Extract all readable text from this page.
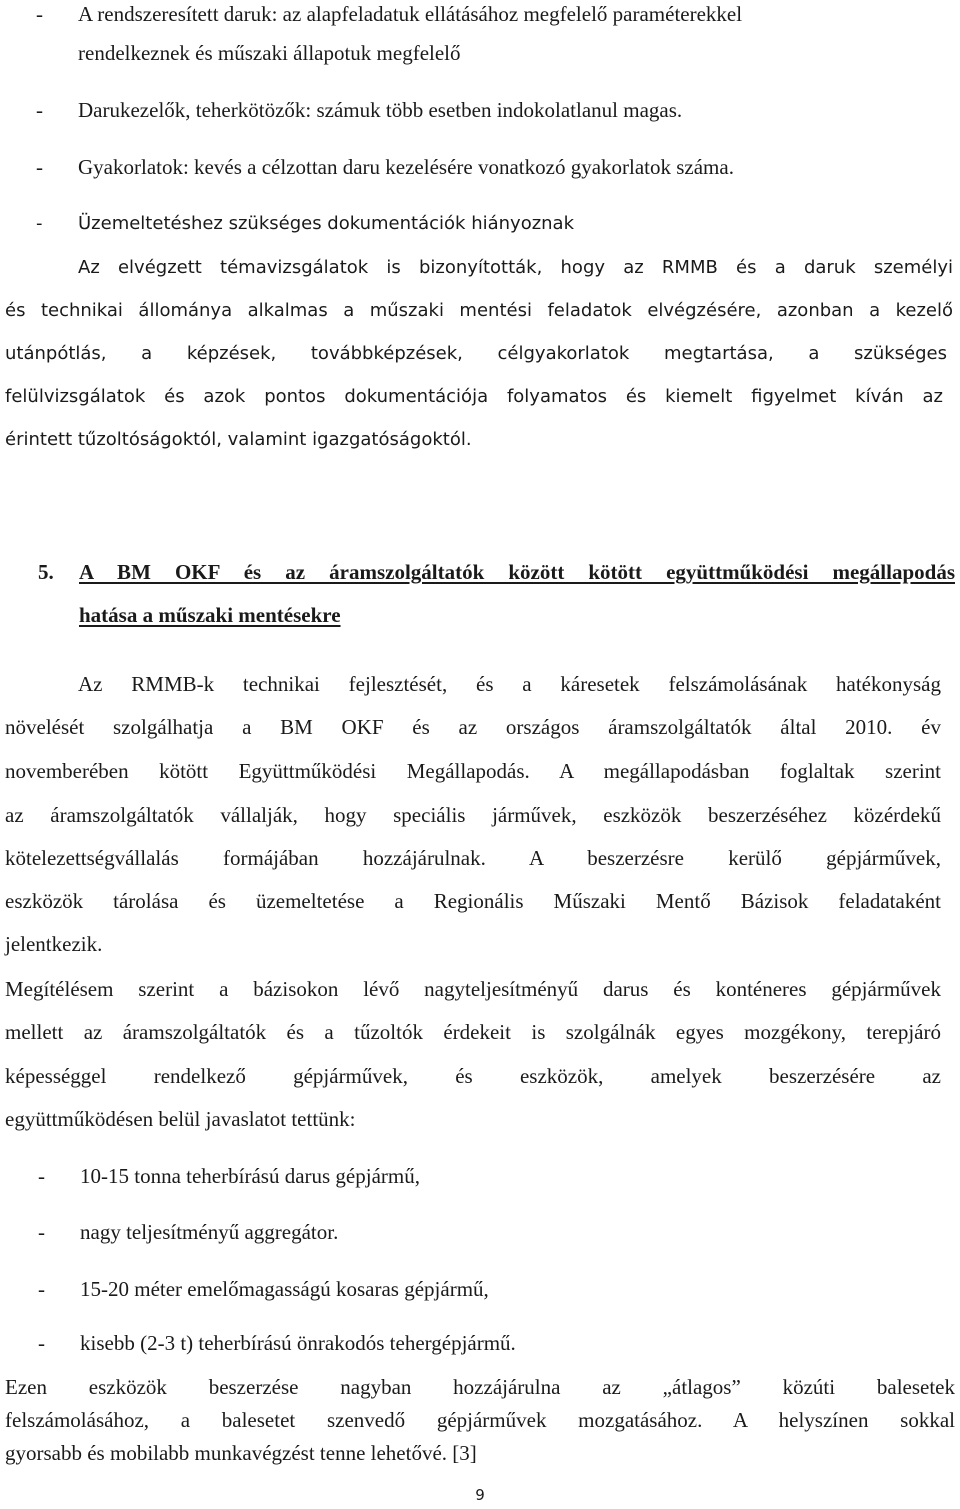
- A rendszeresített daruk: az alapfeladatuk ellátásához megfelelő paraméterekkel
rendelkeznek és műszaki állapotuk megfelelő
- Darukezelők, teherkötözők: számuk több esetben indokolatlanul magas.
- Gyakorlatok: kevés a célzottan daru kezelésére vonatkozó gyakorlatok száma.
- Üzemeltetéshez szükséges dokumentációk hiányoznak
Az elvégzett témavizsgálatok is bizonyították, hogy az RMMB és a daruk személyi
és technikai állománya alkalmas a műszaki mentési feladatok elvégzésére, azonban a kezelő
utánpótlás, a képzések, továbbképzések, célgyakorlatok megtartása, a szükséges
felülvizsgálatok és azok pontos dokumentációja folyamatos és kiemelt figyelmet kíván az
érintett tűzoltóságoktól, valamint igazgatóságoktól.
5. A BM OKF és az áramszolgáltatók között kötött együttműködési megállapodás
hatása a műszaki mentésekre
Az RMMB-k technikai fejlesztését, és a káresetek felszámolásának hatékonyság
növelését szolgálhatja a BM OKF és az országos áramszolgáltatók által 2010. év
novemberében kötött Együttműködési Megállapodás. A megállapodásban foglaltak szerint
az áramszolgáltatók vállalják, hogy speciális járművek, eszközök beszerzéséhez közérdekű
kötelezettségvállalás formájában hozzájárulnak. A beszerzésre kerülő gépjárművek,
eszközök tárolása és üzemeltetése a Regionális Műszaki Mentő Bázisok feladataként
jelentkezik.
Megítélésem szerint a bázisokon lévő nagyteljesítményű darus és konténeres gépjárművek
mellett az áramszolgáltatók és a tűzoltók érdekeit is szolgálnák egyes mozgékony, terepjáró
képességgel rendelkező gépjárművek, és eszközök, amelyek beszerzésére az
együttműködésen belül javaslatot tettünk:
- 10-15 tonna teherbírású darus gépjármű,
- nagy teljesítményű aggregátor.
- 15-20 méter emelőmagasságú kosaras gépjármű,
- kisebb (2-3 t) teherbírású önrakodós tehergépjármű.
Ezen eszközök beszerzése nagyban hozzájárulna az „átlagos” közúti balesetek
felszámolásához, a balesetet szenvedő gépjárművek mozgatásához. A helyszínen sokkal
gyorsabb és mobilabb munkavégzést tenne lehetővé. [3]
9
